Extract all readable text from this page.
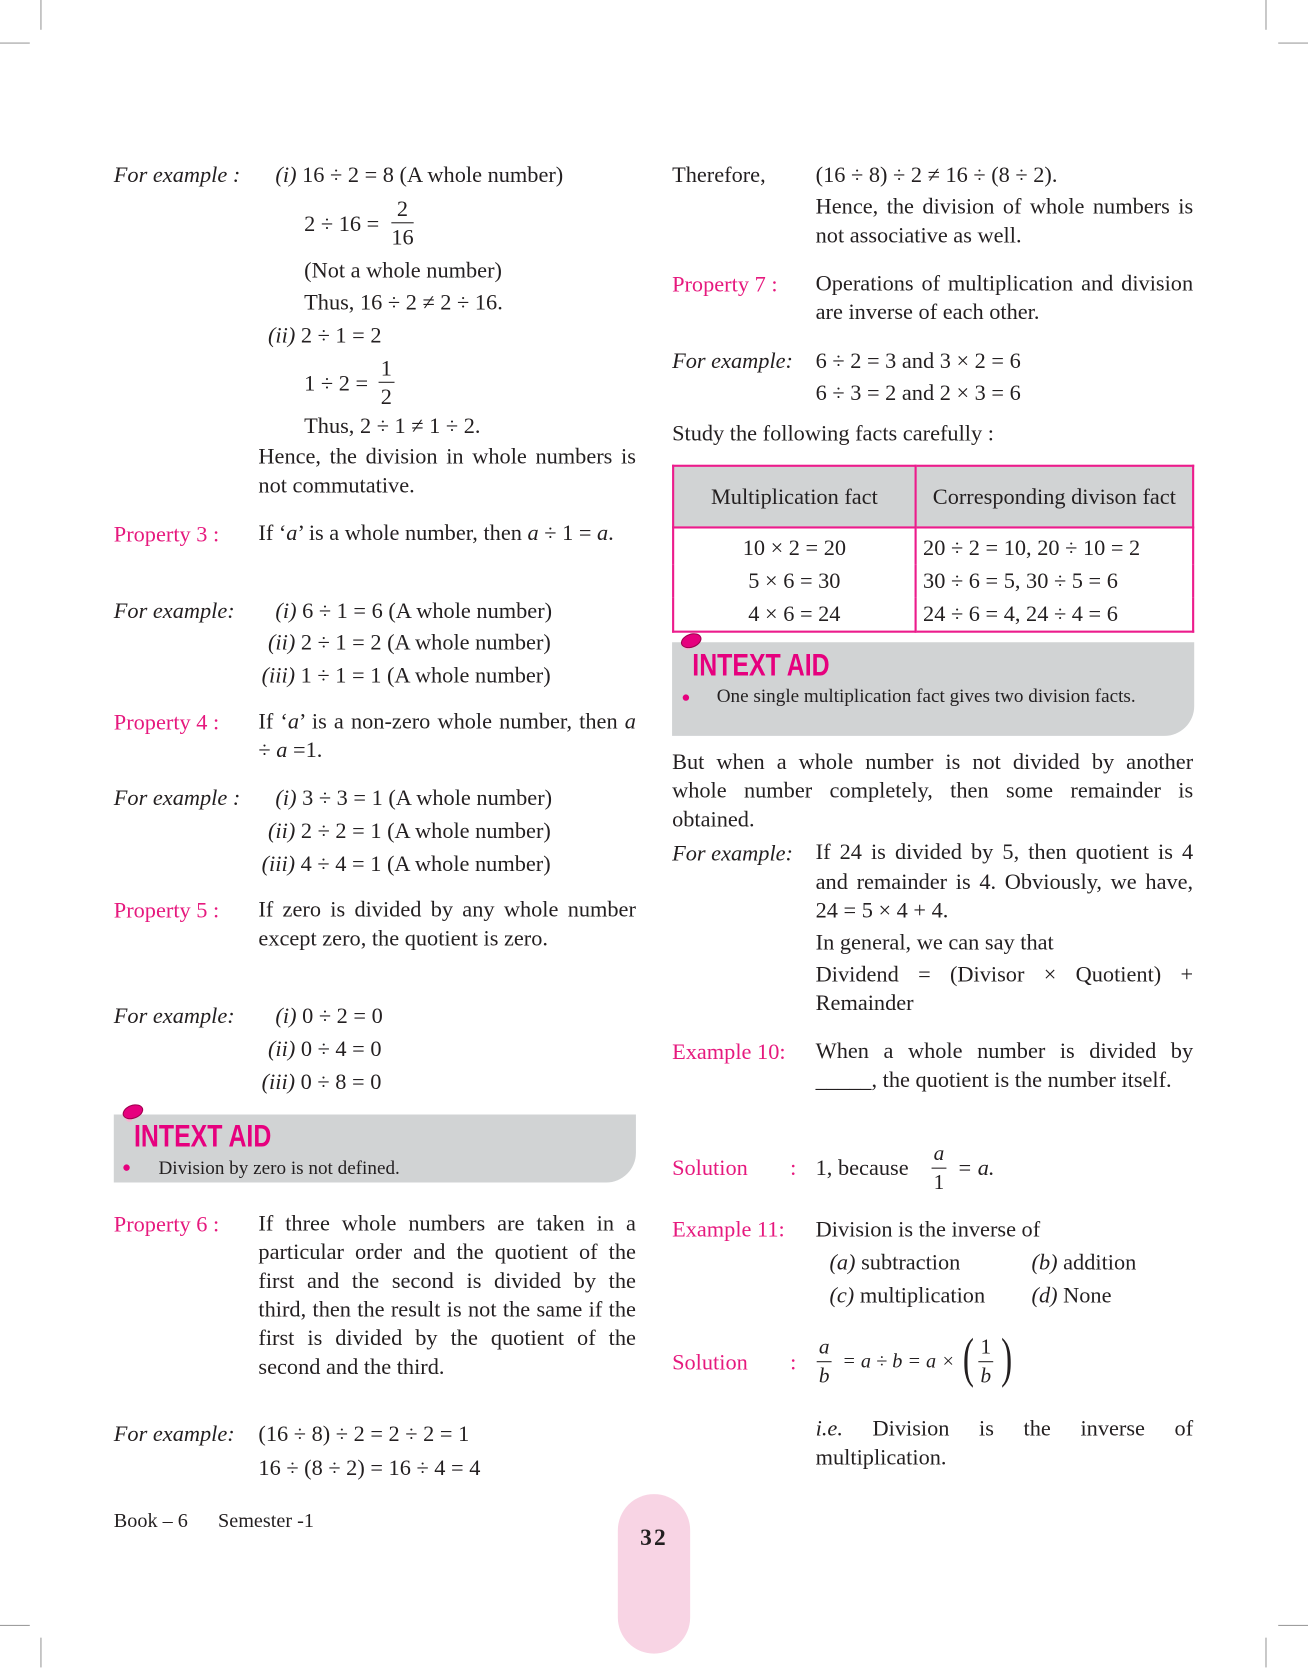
For example : (i) 16 ÷ 2 = 8 (A whole number)
$2 \div 16 = \frac{2}{16}$
(Not a whole number)
Thus, 16 ÷ 2 ≠ 2 ÷ 16.
(ii) 2 ÷ 1 = 2
$1 \div 2 = \frac{1}{2}$
Thus, 2 ÷ 1 ≠ 1 ÷ 2.
Hence, the division in whole numbers is not commutative.
Property 3 : If ‘a’ is a whole number, then a ÷ 1 = a.
For example: (i) 6 ÷ 1 = 6 (A whole number)
(ii) 2 ÷ 1 = 2 (A whole number)
(iii) 1 ÷ 1 = 1 (A whole number)
Property 4 : If ‘a’ is a non-zero whole number, then a ÷ a =1.
For example : (i) 3 ÷ 3 = 1 (A whole number)
(ii) 2 ÷ 2 = 1 (A whole number)
(iii) 4 ÷ 4 = 1 (A whole number)
Property 5 : If zero is divided by any whole number except zero, the quotient is zero.
For example: (i) 0 ÷ 2 = 0
(ii) 0 ÷ 4 = 0
(iii) 0 ÷ 8 = 0
INTEXT AID
Division by zero is not defined.
Property 6 : If three whole numbers are taken in a particular order and the quotient of the first and the second is divided by the third, then the result is not the same if the first is divided by the quotient of the second and the third.
For example: (16 ÷ 8) ÷ 2 = 2 ÷ 2 = 1
16 ÷ (8 ÷ 2) = 16 ÷ 4 = 4
Therefore, (16 ÷ 8) ÷ 2 ≠ 16 ÷ (8 ÷ 2).
Hence, the division of whole numbers is not associative as well.
Property 7 : Operations of multiplication and division are inverse of each other.
For example: 6 ÷ 2 = 3 and 3 × 2 = 6
6 ÷ 3 = 2 and 2 × 3 = 6
Study the following facts carefully :
Multiplication fact	Corresponding divison fact
10 × 2 = 20	20 ÷ 2 = 10, 20 ÷ 10 = 2
5 × 6 = 30	30 ÷ 6 = 5, 30 ÷ 5 = 6
4 × 6 = 24	24 ÷ 6 = 4, 24 ÷ 4 = 6
INTEXT AID
One single multiplication fact gives two division facts.
But when a whole number is not divided by another whole number completely, then some remainder is obtained.
For example: If 24 is divided by 5, then quotient is 4 and remainder is 4. Obviously, we have, 24 = 5 × 4 + 4.
In general, we can say that
Dividend = (Divisor × Quotient) + Remainder
Example 10: When a whole number is divided by _____, the quotient is the number itself.
Solution : 1, because $\frac{a}{1} = a$.
Example 11: Division is the inverse of
(a) subtraction	(b) addition
(c) multiplication (d) None
Solution : $\frac{a}{b} = a \div b = a$ × ( $\frac{1}{b}$ )
i.e. Division is the inverse of multiplication.
Book – 6 Semester -1
32
